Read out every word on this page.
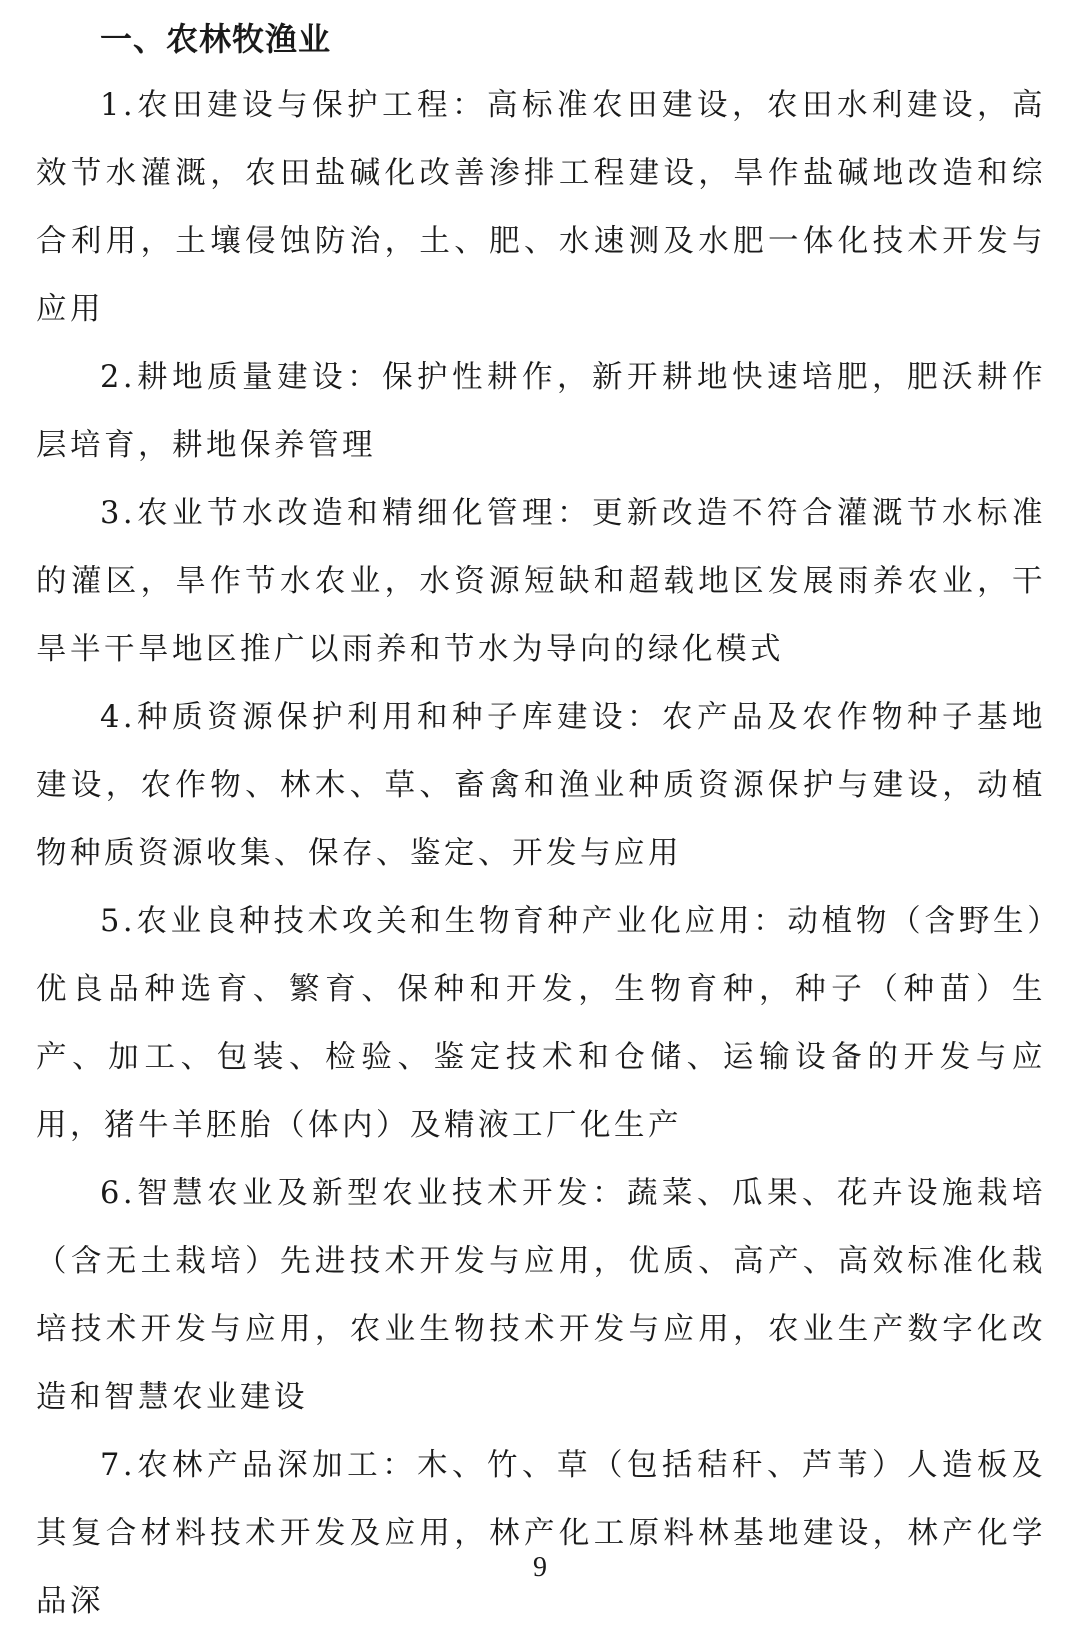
一、农林牧渔业

1.农田建设与保护工程：高标准农田建设，农田水利建设，高效节水灌溉，农田盐碱化改善渗排工程建设，旱作盐碱地改造和综合利用，土壤侵蚀防治，土、肥、水速测及水肥一体化技术开发与应用

2.耕地质量建设：保护性耕作，新开耕地快速培肥，肥沃耕作层培育，耕地保养管理

3.农业节水改造和精细化管理：更新改造不符合灌溉节水标准的灌区，旱作节水农业，水资源短缺和超载地区发展雨养农业，干旱半干旱地区推广以雨养和节水为导向的绿化模式

4.种质资源保护利用和种子库建设：农产品及农作物种子基地建设，农作物、林木、草、畜禽和渔业种质资源保护与建设，动植物种质资源收集、保存、鉴定、开发与应用

5.农业良种技术攻关和生物育种产业化应用：动植物（含野生）优良品种选育、繁育、保种和开发，生物育种，种子（种苗）生产、加工、包装、检验、鉴定技术和仓储、运输设备的开发与应用，猪牛羊胚胎（体内）及精液工厂化生产

6.智慧农业及新型农业技术开发：蔬菜、瓜果、花卉设施栽培（含无土栽培）先进技术开发与应用，优质、高产、高效标准化栽培技术开发与应用，农业生物技术开发与应用，农业生产数字化改造和智慧农业建设

7.农林产品深加工：木、竹、草（包括秸秆、芦苇）人造板及其复合材料技术开发及应用，林产化工原料林基地建设，林产化学品深

9
